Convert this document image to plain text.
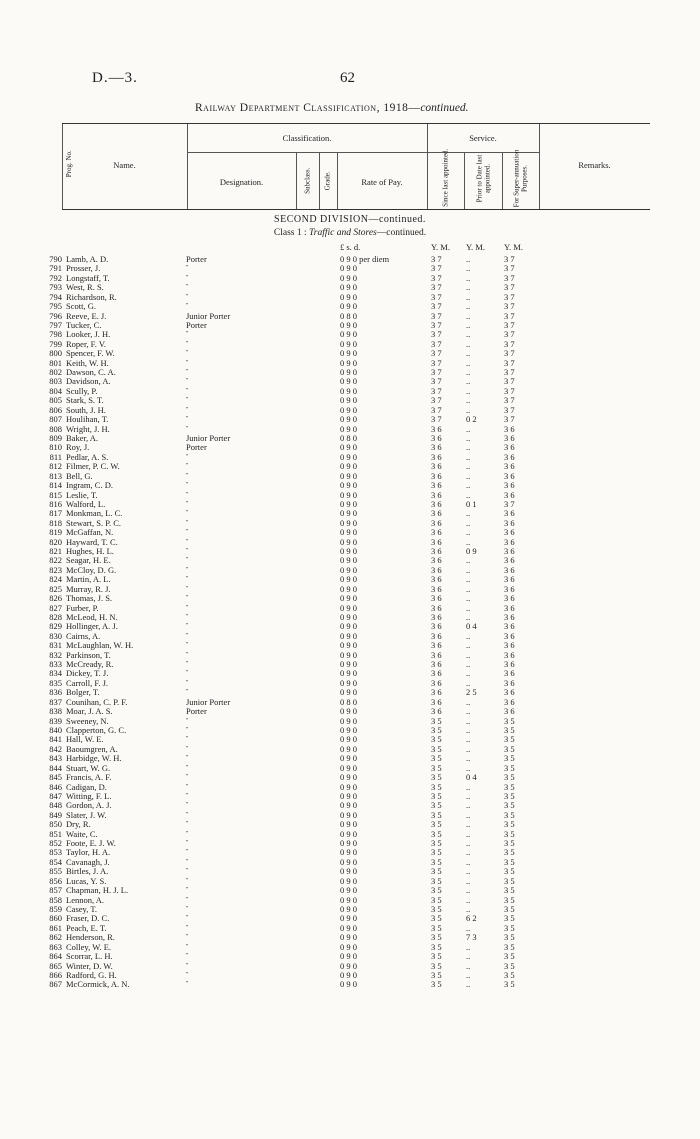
D.—3.	62
Railway Department Classification, 1918—continued.
Prog. No.	Name.
Classification.
Designation.	Subclass. Grade.	Rate of Pay.
Service.
Since last appointed.	Prior to Date last appointed.	For Super-annuation Purposes.	Remarks.
SECOND DIVISION—continued.
Class 1 : Traffic and Stores—continued.
£ s. d.	Y. M. Y. M. Y. M.
790 Lamb, A. D.	Porter	0 9 0 per diem	3 7	..	3 7
791 Prosser, J.	"	0 9 0	3 7	..	3 7
792 Longstaff, T.	"	0 9 0	3 7	..	3 7
793 West, R. S.	"	0 9 0	3 7	..	3 7
794 Richardson, R.	"	0 9 0	3 7	..	3 7
795 Scott, G.	"	0 9 0	3 7	..	3 7
796 Reeve, E. J.	Junior Porter	0 8 0	3 7	..	3 7
797 Tucker, C.	Porter	0 9 0	3 7	..	3 7
798 Looker, J. H.	"	0 9 0	3 7	..	3 7
799 Roper, F. V.	"	0 9 0	3 7	..	3 7
800 Spencer, F. W.	"	0 9 0	3 7	..	3 7
801 Keith, W. H.	"	0 9 0	3 7	..	3 7
802 Dawson, C. A.	"	0 9 0	3 7	..	3 7
803 Davidson, A.	"	0 9 0	3 7	..	3 7
804 Scully, P.	"	0 9 0	3 7	..	3 7
805 Stark, S. T.	"	0 9 0	3 7	..	3 7
806 South, J. H.	"	0 9 0	3 7	..	3 7
807 Houlihan, T.	"	0 9 0	3 7	0 2	3 7
808 Wright, J. H.	"	0 9 0	3 6	..	3 6
809 Baker, A.	Junior Porter	0 8 0	3 6	..	3 6
810 Roy, J.	Porter	0 9 0	3 6	..	3 6
811 Pedlar, A. S.	"	0 9 0	3 6	..	3 6
812 Filmer, P. C. W.	"	0 9 0	3 6	..	3 6
813 Bell, G.	"	0 9 0	3 6	..	3 6
814 Ingram, C. D.	"	0 9 0	3 6	..	3 6
815 Leslie, T.	"	0 9 0	3 6	..	3 6
816 Walford, L.	"	0 9 0	3 6	0 1	3 7
817 Monkman, L. C.	"	0 9 0	3 6	..	3 6
818 Stewart, S. P. C.	"	0 9 0	3 6	..	3 6
819 McGaffan, N.	"	0 9 0	3 6	..	3 6
820 Hayward, T. C.	"	0 9 0	3 6	..	3 6
821 Hughes, H. L.	"	0 9 0	3 6	0 9	3 6
822 Seagar, H. E.	"	0 9 0	3 6	..	3 6
823 McCloy, D. G.	"	0 9 0	3 6	..	3 6
824 Martin, A. L.	"	0 9 0	3 6	..	3 6
825 Murray, R. J.	"	0 9 0	3 6	..	3 6
826 Thomas, J. S.	"	0 9 0	3 6	..	3 6
827 Furber, P.	"	0 9 0	3 6	..	3 6
828 McLeod, H. N.	"	0 9 0	3 6	..	3 6
829 Hollinger, A. J.	"	0 9 0	3 6	0 4	3 6
830 Cairns, A.	"	0 9 0	3 6	..	3 6
831 McLaughlan, W. H.	"	0 9 0	3 6	..	3 6
832 Parkinson, T.	"	0 9 0	3 6	..	3 6
833 McCready, R.	"	0 9 0	3 6	..	3 6
834 Dickey, T. J.	"	0 9 0	3 6	..	3 6
835 Carroll, F. J.	"	0 9 0	3 6	..	3 6
836 Bolger, T.	"	0 9 0	3 6	2 5	3 6
837 Counihan, C. P. F.	Junior Porter	0 8 0	3 6	..	3 6
838 Moar, J. A. S.	Porter	0 9 0	3 6	..	3 6
839 Sweeney, N.	"	0 9 0	3 5	..	3 5
840 Clapperton, G. C.	"	0 9 0	3 5	..	3 5
841 Hall, W. E.	"	0 9 0	3 5	..	3 5
842 Baoumgren, A.	"	0 9 0	3 5	..	3 5
843 Harbidge, W. H.	"	0 9 0	3 5	..	3 5
844 Stuart, W. G.	"	0 9 0	3 5	..	3 5
845 Francis, A. F.	"	0 9 0	3 5	0 4	3 5
846 Cadigan, D.	"	0 9 0	3 5	..	3 5
847 Witting, F. L.	"	0 9 0	3 5	..	3 5
848 Gordon, A. J.	"	0 9 0	3 5	..	3 5
849 Slater, J. W.	"	0 9 0	3 5	..	3 5
850 Dry, R.	"	0 9 0	3 5	..	3 5
851 Waite, C.	"	0 9 0	3 5	..	3 5
852 Foote, E. J. W.	"	0 9 0	3 5	..	3 5
853 Taylor, H. A.	"	0 9 0	3 5	..	3 5
854 Cavanagh, J.	"	0 9 0	3 5	..	3 5
855 Birtles, J. A.	"	0 9 0	3 5	..	3 5
856 Lucas, Y. S.	"	0 9 0	3 5	..	3 5
857 Chapman, H. J. L.	"	0 9 0	3 5	..	3 5
858 Lennon, A.	"	0 9 0	3 5	..	3 5
859 Casey, T.	"	0 9 0	3 5	..	3 5
860 Fraser, D. C.	"	0 9 0	3 5	6 2	3 5
861 Peach, E. T.	"	0 9 0	3 5	..	3 5
862 Henderson, R.	"	0 9 0	3 5	7 3	3 5
863 Colley, W. E.	"	0 9 0	3 5	..	3 5
864 Scorrar, L. H.	"	0 9 0	3 5	..	3 5
865 Winter, D. W.	"	0 9 0	3 5	..	3 5
866 Radford, G. H.	"	0 9 0	3 5	..	3 5
867 McCormick, A. N.	"	0 9 0	3 5	..	3 5
